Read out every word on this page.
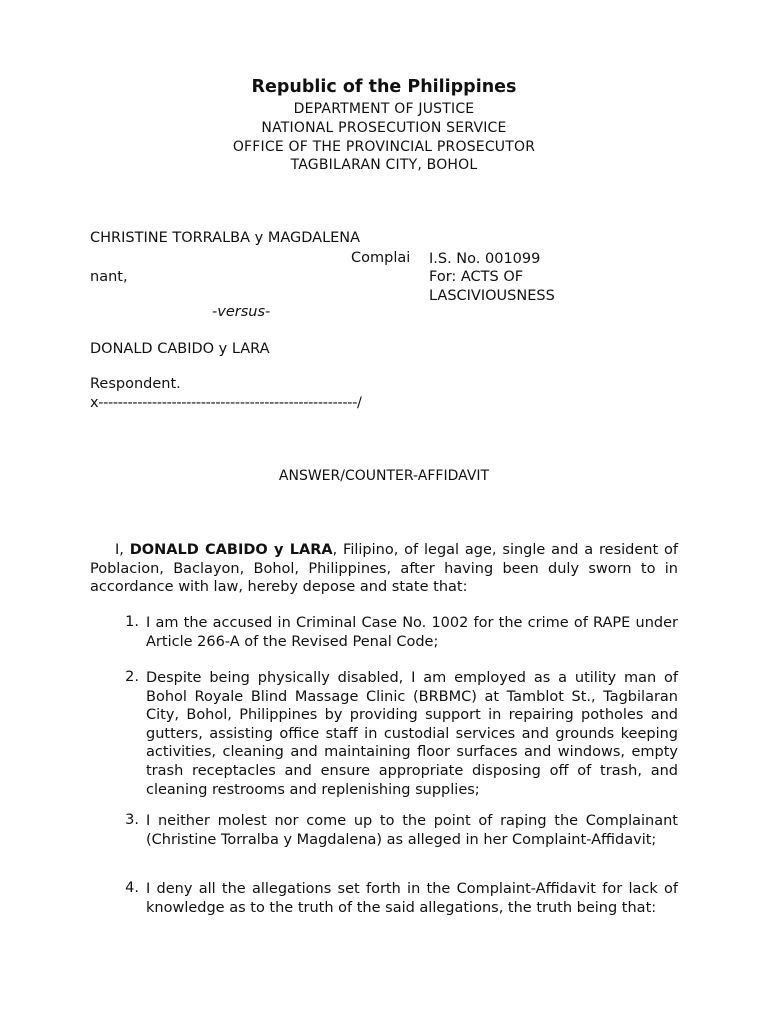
Republic of the Philippines
DEPARTMENT OF JUSTICE
NATIONAL PROSECUTION SERVICE
OFFICE OF THE PROVINCIAL PROSECUTOR
TAGBILARAN CITY, BOHOL
CHRISTINE TORRALBA y MAGDALENA
Complai
nant,
-versus-
DONALD CABIDO y LARA
Respondent.
x-----------------------------------------------------/
I.S. No. 001099
For: ACTS OF
LASCIVIOUSNESS
ANSWER/COUNTER-AFFIDAVIT
I, DONALD CABIDO y LARA, Filipino, of legal age, single and a resident of Poblacion, Baclayon, Bohol, Philippines, after having been duly sworn to in accordance with law, hereby depose and state that:
1. I am the accused in Criminal Case No. 1002 for the crime of RAPE under Article 266-A of the Revised Penal Code;
2. Despite being physically disabled, I am employed as a utility man of Bohol Royale Blind Massage Clinic (BRBMC) at Tamblot St., Tagbilaran City, Bohol, Philippines by providing support in repairing potholes and gutters, assisting office staff in custodial services and grounds keeping activities, cleaning and maintaining floor surfaces and windows, empty trash receptacles and ensure appropriate disposing off of trash, and cleaning restrooms and replenishing supplies;
3. I neither molest nor come up to the point of raping the Complainant (Christine Torralba y Magdalena) as alleged in her Complaint-Affidavit;
4. I deny all the allegations set forth in the Complaint-Affidavit for lack of knowledge as to the truth of the said allegations, the truth being that:
